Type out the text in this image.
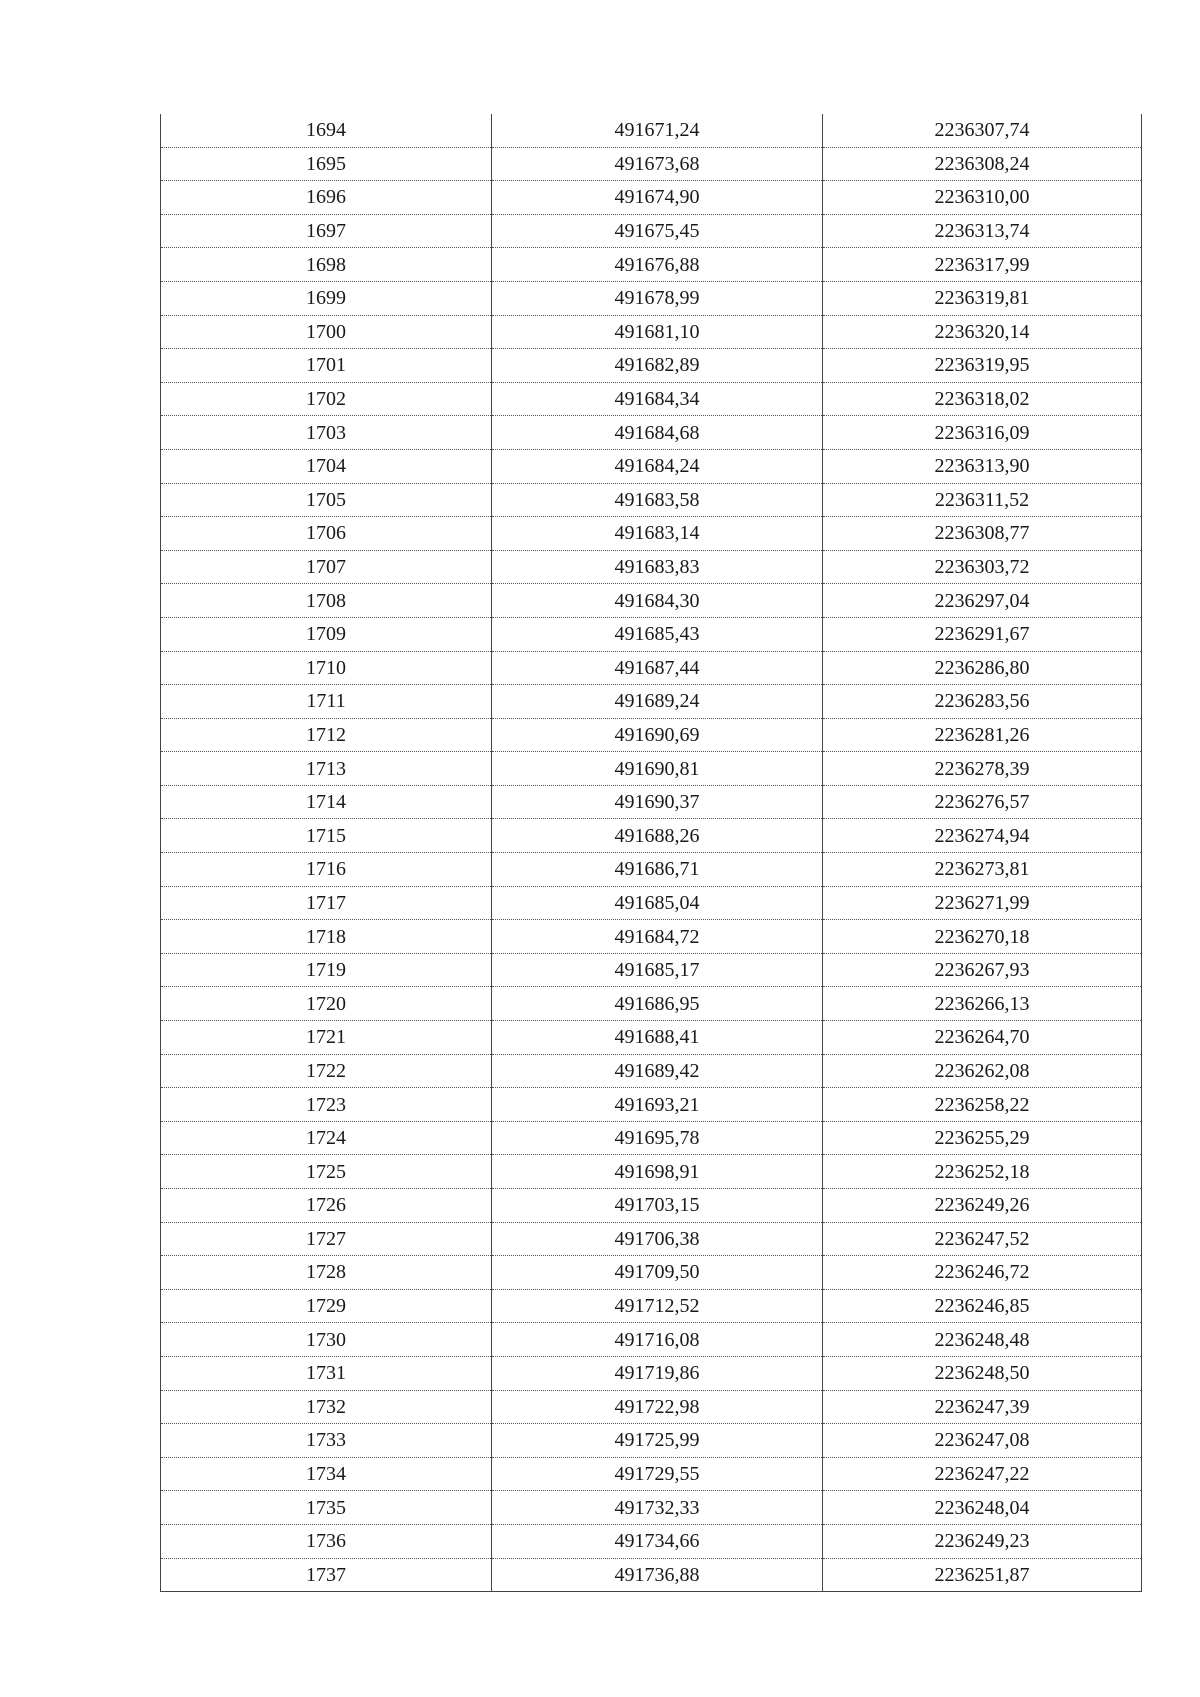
1694	491671,24	2236307,74
1695	491673,68	2236308,24
1696	491674,90	2236310,00
1697	491675,45	2236313,74
1698	491676,88	2236317,99
1699	491678,99	2236319,81
1700	491681,10	2236320,14
1701	491682,89	2236319,95
1702	491684,34	2236318,02
1703	491684,68	2236316,09
1704	491684,24	2236313,90
1705	491683,58	2236311,52
1706	491683,14	2236308,77
1707	491683,83	2236303,72
1708	491684,30	2236297,04
1709	491685,43	2236291,67
1710	491687,44	2236286,80
1711	491689,24	2236283,56
1712	491690,69	2236281,26
1713	491690,81	2236278,39
1714	491690,37	2236276,57
1715	491688,26	2236274,94
1716	491686,71	2236273,81
1717	491685,04	2236271,99
1718	491684,72	2236270,18
1719	491685,17	2236267,93
1720	491686,95	2236266,13
1721	491688,41	2236264,70
1722	491689,42	2236262,08
1723	491693,21	2236258,22
1724	491695,78	2236255,29
1725	491698,91	2236252,18
1726	491703,15	2236249,26
1727	491706,38	2236247,52
1728	491709,50	2236246,72
1729	491712,52	2236246,85
1730	491716,08	2236248,48
1731	491719,86	2236248,50
1732	491722,98	2236247,39
1733	491725,99	2236247,08
1734	491729,55	2236247,22
1735	491732,33	2236248,04
1736	491734,66	2236249,23
1737	491736,88	2236251,87
